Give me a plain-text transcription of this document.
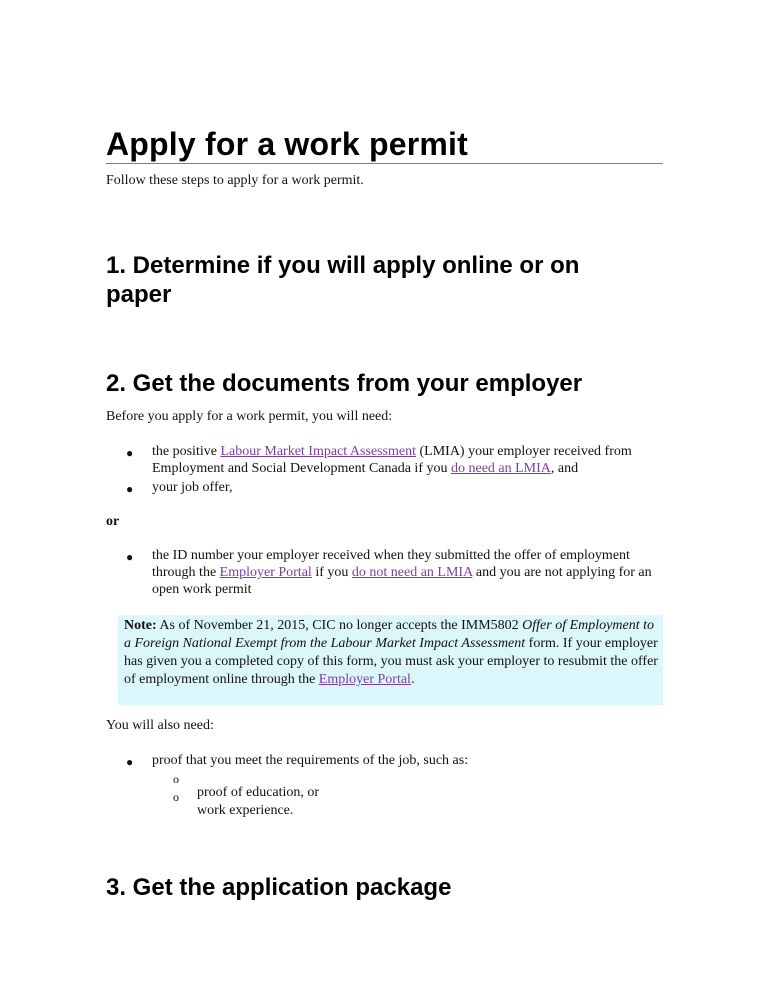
Apply for a work permit

Follow these steps to apply for a work permit.

1. Determine if you will apply online or on paper
2. Get the documents from your employer

Before you apply for a work permit, you will need:

● the positive Labour Market Impact Assessment (LMIA) your employer received from Employment and Social Development Canada if you do need an LMIA, and

● your job offer,

or

● the ID number your employer received when they submitted the offer of employment through the Employer Portal if you do not need an LMIA and you are not applying for an open work permit

Note: As of November 21, 2015, CIC no longer accepts the IMM5802 Offer of Employment to a Foreign National Exempt from the Labour Market Impact Assessment form. If your employer has given you a completed copy of this form, you must ask your employer to resubmit the offer of employment online through the Employer Portal.

You will also need:

● proof that you meet the requirements of the job, such as:

o

proof of education, or

o

work experience.

3. Get the application package
